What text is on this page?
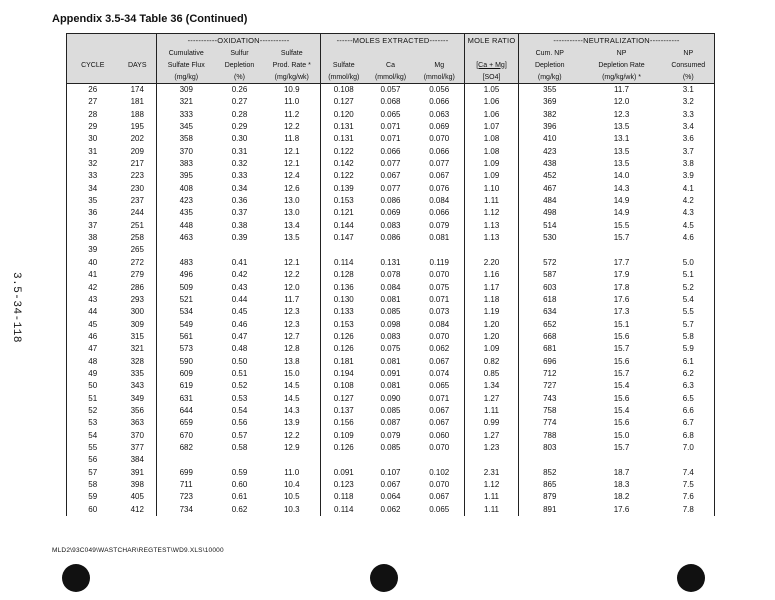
Appendix 3.5-34 Table 36 (Continued)
3.5-34-118
		-----------OXIDATION-----------			------MOLES EXTRACTED-------			MOLE RATIO	-----------NEUTRALIZATION-----------		
		Cumulative	Sulfur	Sulfate					Cum. NP	NP	NP
CYCLE	DAYS	Sulfate Flux	Depletion	Prod. Rate *	Sulfate	Ca	Mg	[Ca + Mg]	Depletion	Depletion Rate	Consumed
		(mg/kg)	(%)	(mg/kg/wk)	(mmol/kg)	(mmol/kg)	(mmol/kg)	[SO4]	(mg/kg)	(mg/kg/wk) *	(%)
26	174	309	0.26	10.9	0.108	0.057	0.056	1.05	355	11.7	3.1
27	181	321	0.27	11.0	0.127	0.068	0.066	1.06	369	12.0	3.2
28	188	333	0.28	11.2	0.120	0.065	0.063	1.06	382	12.3	3.3
29	195	345	0.29	12.2	0.131	0.071	0.069	1.07	396	13.5	3.4
30	202	358	0.30	11.8	0.131	0.071	0.070	1.08	410	13.1	3.6
31	209	370	0.31	12.1	0.122	0.066	0.066	1.08	423	13.5	3.7
32	217	383	0.32	12.1	0.142	0.077	0.077	1.09	438	13.5	3.8
33	223	395	0.33	12.4	0.122	0.067	0.067	1.09	452	14.0	3.9
34	230	408	0.34	12.6	0.139	0.077	0.076	1.10	467	14.3	4.1
35	237	423	0.36	13.0	0.153	0.086	0.084	1.11	484	14.9	4.2
36	244	435	0.37	13.0	0.121	0.069	0.066	1.12	498	14.9	4.3
37	251	448	0.38	13.4	0.144	0.083	0.079	1.13	514	15.5	4.5
38	258	463	0.39	13.5	0.147	0.086	0.081	1.13	530	15.7	4.6
39	265										
40	272	483	0.41	12.1	0.114	0.131	0.119	2.20	572	17.7	5.0
41	279	496	0.42	12.2	0.128	0.078	0.070	1.16	587	17.9	5.1
42	286	509	0.43	12.0	0.136	0.084	0.075	1.17	603	17.8	5.2
43	293	521	0.44	11.7	0.130	0.081	0.071	1.18	618	17.6	5.4
44	300	534	0.45	12.3	0.133	0.085	0.073	1.19	634	17.3	5.5
45	309	549	0.46	12.3	0.153	0.098	0.084	1.20	652	15.1	5.7
46	315	561	0.47	12.7	0.126	0.083	0.070	1.20	668	15.6	5.8
47	321	573	0.48	12.8	0.126	0.075	0.062	1.09	681	15.7	5.9
48	328	590	0.50	13.8	0.181	0.081	0.067	0.82	696	15.6	6.1
49	335	609	0.51	15.0	0.194	0.091	0.074	0.85	712	15.7	6.2
50	343	619	0.52	14.5	0.108	0.081	0.065	1.34	727	15.4	6.3
51	349	631	0.53	14.5	0.127	0.090	0.071	1.27	743	15.6	6.5
52	356	644	0.54	14.3	0.137	0.085	0.067	1.11	758	15.4	6.6
53	363	659	0.56	13.9	0.156	0.087	0.067	0.99	774	15.6	6.7
54	370	670	0.57	12.2	0.109	0.079	0.060	1.27	788	15.0	6.8
55	377	682	0.58	12.9	0.126	0.085	0.070	1.23	803	15.7	7.0
56	384										
57	391	699	0.59	11.0	0.091	0.107	0.102	2.31	852	18.7	7.4
58	398	711	0.60	10.4	0.123	0.067	0.070	1.12	865	18.3	7.5
59	405	723	0.61	10.5	0.118	0.064	0.067	1.11	879	18.2	7.6
60	412	734	0.62	10.3	0.114	0.062	0.065	1.11	891	17.6	7.8
MLD2\93C049\WASTCHAR\REGTEST\WD9.XLS\10000
